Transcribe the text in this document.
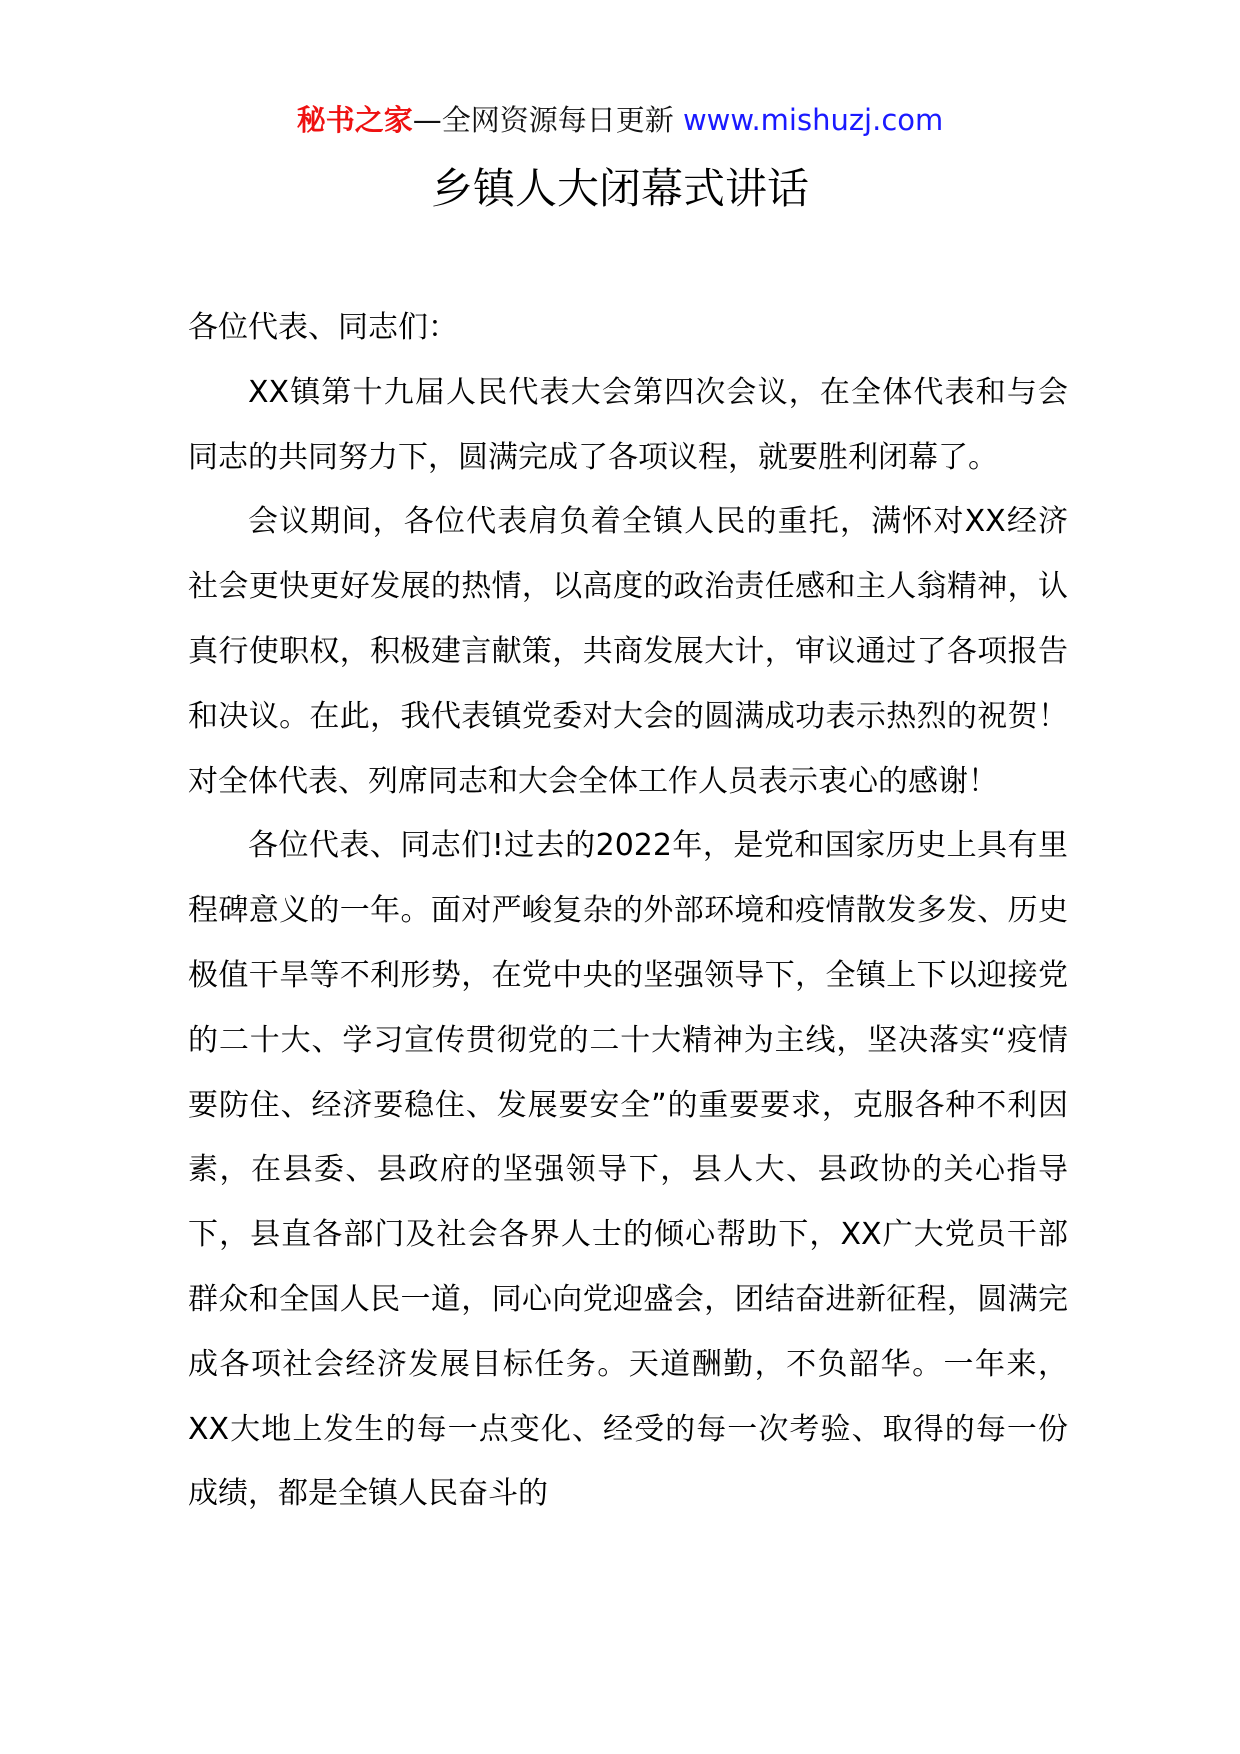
秘书之家—全网资源每日更新 www.mishuzj.com
乡镇人大闭幕式讲话

各位代表、同志们：

XX镇第十九届人民代表大会第四次会议，在全体代表和与会同志的共同努力下，圆满完成了各项议程，就要胜利闭幕了。

会议期间，各位代表肩负着全镇人民的重托，满怀对XX经济社会更快更好发展的热情，以高度的政治责任感和主人翁精神，认真行使职权，积极建言献策，共商发展大计，审议通过了各项报告和决议。在此，我代表镇党委对大会的圆满成功表示热烈的祝贺！对全体代表、列席同志和大会全体工作人员表示衷心的感谢！

各位代表、同志们!过去的2022年，是党和国家历史上具有里程碑意义的一年。面对严峻复杂的外部环境和疫情散发多发、历史极值干旱等不利形势，在党中央的坚强领导下，全镇上下以迎接党的二十大、学习宣传贯彻党的二十大精神为主线，坚决落实“疫情要防住、经济要稳住、发展要安全”的重要要求，克服各种不利因素，在县委、县政府的坚强领导下，县人大、县政协的关心指导下，县直各部门及社会各界人士的倾心帮助下，XX广大党员干部群众和全国人民一道，同心向党迎盛会，团结奋进新征程，圆满完成各项社会经济发展目标任务。天道酬勤，不负韶华。一年来，XX大地上发生的每一点变化、经受的每一次考验、取得的每一份成绩，都是全镇人民奋斗的
